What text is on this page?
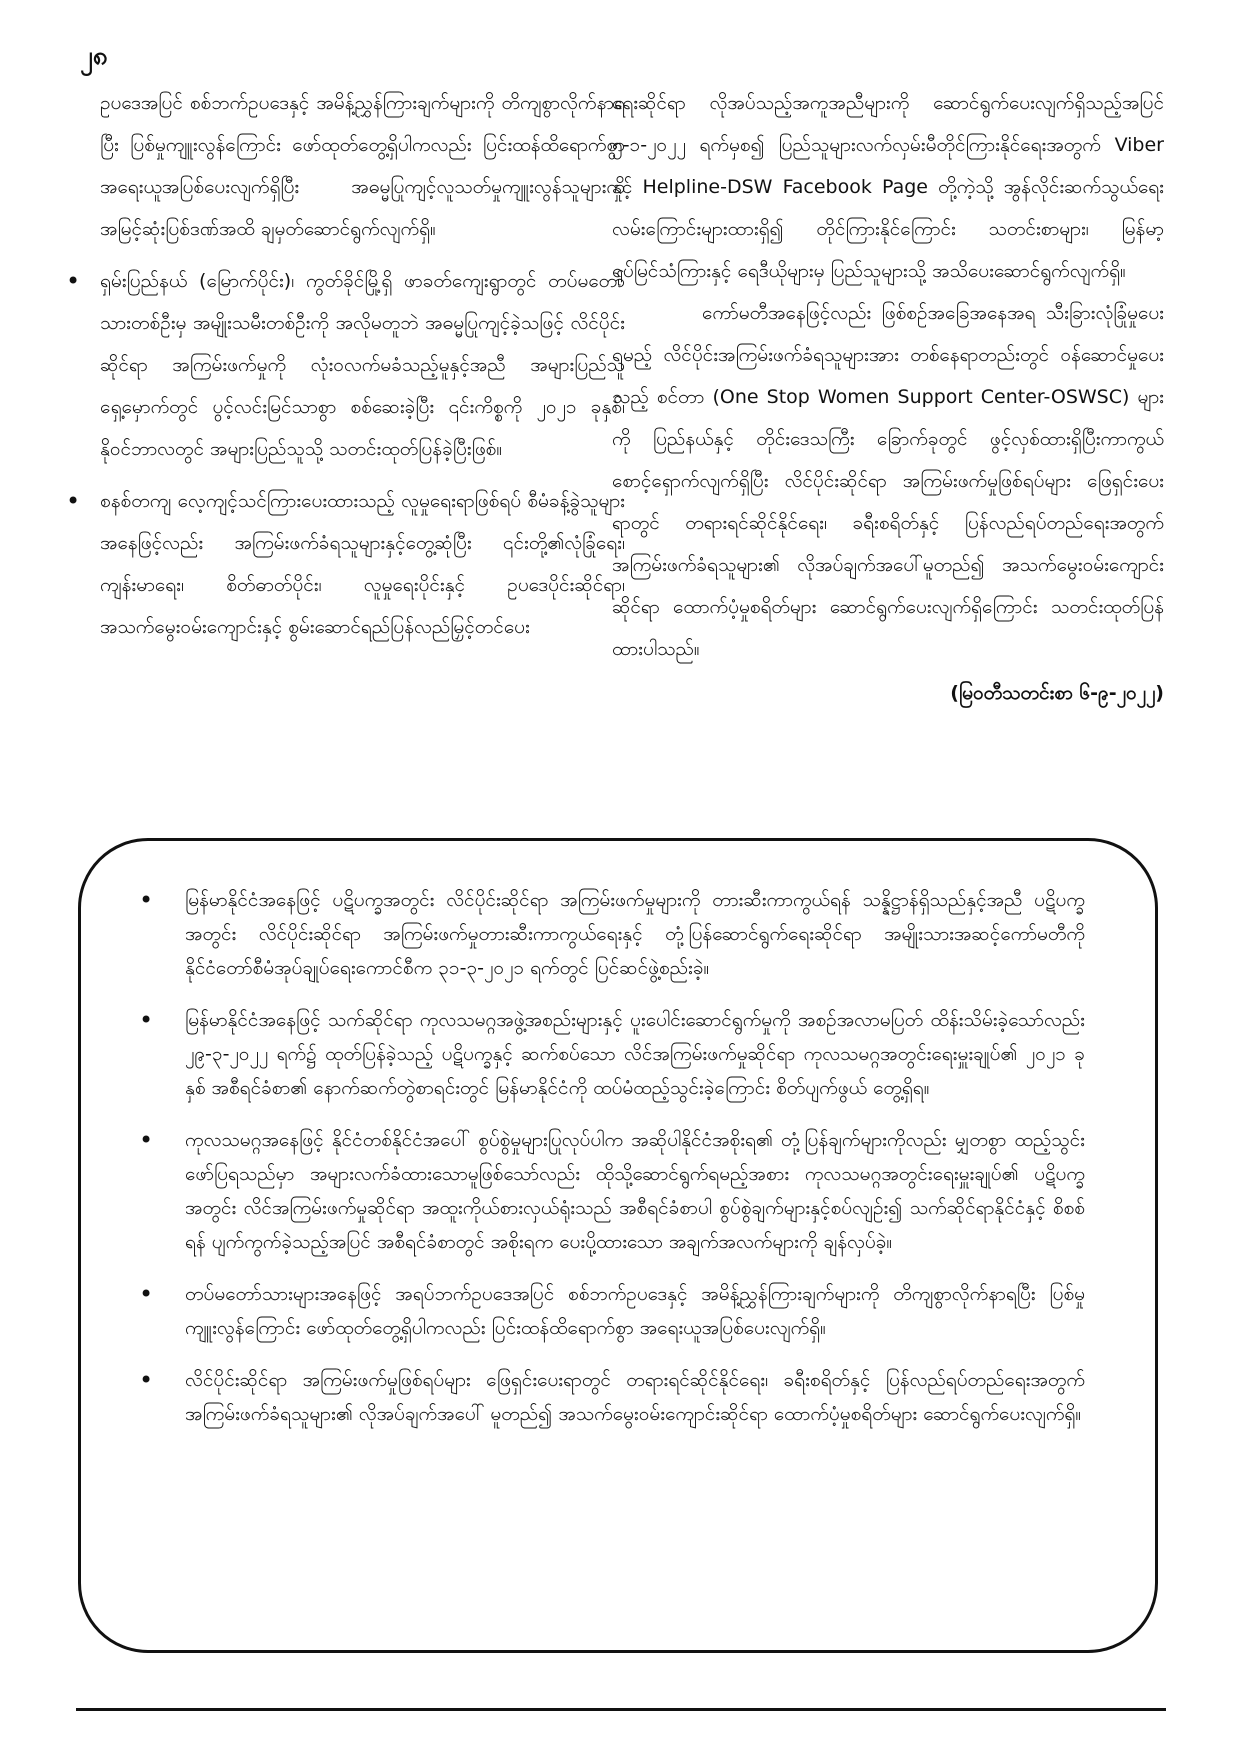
၂၈

ဥပဒေအပြင် စစ်ဘက်ဥပဒေနှင့် အမိန့်ညွှန်ကြားချက်များကို တိကျစွာလိုက်နာရပြီး ပြစ်မှုကျူးလွန်ကြောင်း ဖော်ထုတ်တွေ့ရှိပါကလည်း ပြင်းထန်ထိရောက်စွာ အရေးယူအပြစ်ပေးလျက်ရှိပြီး အဓမ္မပြုကျင့်လူသတ်မှုကျူးလွန်သူများကို အမြင့်ဆုံးပြစ်ဒဏ်အထိ ချမှတ်ဆောင်ရွက်လျက်ရှိ။

• ရှမ်းပြည်နယ် (မြောက်ပိုင်း)၊ ကွတ်ခိုင်မြို့ရှိ ဖာခတ်ကျေးရွာတွင် တပ်မတော်သားတစ်ဦးမှ အမျိုးသမီးတစ်ဦးကို အလိုမတူဘဲ အဓမ္မပြုကျင့်ခဲ့သဖြင့် လိင်ပိုင်းဆိုင်ရာ အကြမ်းဖက်မှုကို လုံးဝလက်မခံသည့်မူနှင့်အညီ အများပြည်သူရှေ့မှောက်တွင် ပွင့်လင်းမြင်သာစွာ စစ်ဆေးခဲ့ပြီး ၎င်းကိစ္စကို ၂၀၂၁ ခုနှစ်၊ နိုဝင်ဘာလတွင် အများပြည်သူသို့ သတင်းထုတ်ပြန်ခဲ့ပြီးဖြစ်။

• စနစ်တကျ လေ့ကျင့်သင်ကြားပေးထားသည့် လူမှုရေးရာဖြစ်ရပ် စီမံခန့်ခွဲသူများအနေဖြင့်လည်း အကြမ်းဖက်ခံရသူများနှင့်တွေ့ဆုံပြီး ၎င်းတို့၏လုံခြုံရေး၊ ကျန်းမာရေး၊ စိတ်ဓာတ်ပိုင်း၊ လူမှုရေးပိုင်းနှင့် ဥပဒေပိုင်းဆိုင်ရာ၊ အသက်မွေးဝမ်းကျောင်းနှင့် စွမ်းဆောင်ရည်ပြန်လည်မြှင့်တင်ပေး

ရေးဆိုင်ရာ လိုအပ်သည့်အကူအညီများကို ဆောင်ရွက်ပေးလျက်ရှိသည့်အပြင် ၅-၁-၂၀၂၂ ရက်မှစ၍ ပြည်သူများလက်လှမ်းမီတိုင်ကြားနိုင်ရေးအတွက် Viber နှင့် Helpline-DSW Facebook Page တို့ကဲ့သို့ အွန်လိုင်းဆက်သွယ်ရေးလမ်းကြောင်းများထားရှိ၍ တိုင်ကြားနိုင်ကြောင်း သတင်းစာများ၊ မြန်မာ့ရုပ်မြင်သံကြားနှင့် ရေဒီယိုများမှ ပြည်သူများသို့ အသိပေးဆောင်ရွက်လျက်ရှိ။

ကော်မတီအနေဖြင့်လည်း ဖြစ်စဉ်အခြေအနေအရ သီးခြားလုံခြုံမှုပေးရမည့် လိင်ပိုင်းအကြမ်းဖက်ခံရသူများအား တစ်နေရာတည်းတွင် ဝန်ဆောင်မှုပေးသည့် စင်တာ (One Stop Women Support Center-OSWSC) များကို ပြည်နယ်နှင့် တိုင်းဒေသကြီး ခြောက်ခုတွင် ဖွင့်လှစ်ထားရှိပြီးကာကွယ်စောင့်ရှောက်လျက်ရှိပြီး လိင်ပိုင်းဆိုင်ရာ အကြမ်းဖက်မှုဖြစ်ရပ်များ ဖြေရှင်းပေးရာတွင် တရားရင်ဆိုင်နိုင်ရေး၊ ခရီးစရိတ်နှင့် ပြန်လည်ရပ်တည်ရေးအတွက် အကြမ်းဖက်ခံရသူများ၏ လိုအပ်ချက်အပေါ်မူတည်၍ အသက်မွေးဝမ်းကျောင်းဆိုင်ရာ ထောက်ပံ့မှုစရိတ်များ ဆောင်ရွက်ပေးလျက်ရှိကြောင်း သတင်းထုတ်ပြန်ထားပါသည်။

(မြဝတီသတင်းစာ ၆-၉-၂၀၂၂)

• မြန်မာနိုင်ငံအနေဖြင့် ပဋိပက္ခအတွင်း လိင်ပိုင်းဆိုင်ရာ အကြမ်းဖက်မှုများကို တားဆီးကာကွယ်ရန် သန္နိဋ္ဌာန်ရှိသည်နှင့်အညီ ပဋိပက္ခအတွင်း လိင်ပိုင်းဆိုင်ရာ အကြမ်းဖက်မှုတားဆီးကာကွယ်ရေးနှင့် တုံ့ပြန်ဆောင်ရွက်ရေးဆိုင်ရာ အမျိုးသားအဆင့်ကော်မတီကို နိုင်ငံတော်စီမံအုပ်ချုပ်ရေးကောင်စီက ၃၁-၃-၂၀၂၁ ရက်တွင် ပြင်ဆင်ဖွဲ့စည်းခဲ့။
• မြန်မာနိုင်ငံအနေဖြင့် သက်ဆိုင်ရာ ကုလသမဂ္ဂအဖွဲ့အစည်းများနှင့် ပူးပေါင်းဆောင်ရွက်မှုကို အစဉ်အလာမပြတ် ထိန်းသိမ်းခဲ့သော်လည်း ၂၉-၃-၂၀၂၂ ရက်၌ ထုတ်ပြန်ခဲ့သည့် ပဋိပက္ခနှင့် ဆက်စပ်သော လိင်အကြမ်းဖက်မှုဆိုင်ရာ ကုလသမဂ္ဂအတွင်းရေးမှူးချုပ်၏ ၂၀၂၁ ခုနှစ် အစီရင်ခံစာ၏ နောက်ဆက်တွဲစာရင်းတွင် မြန်မာနိုင်ငံကို ထပ်မံထည့်သွင်းခဲ့ကြောင်း စိတ်ပျက်ဖွယ် တွေ့ရှိရ။
• ကုလသမဂ္ဂအနေဖြင့် နိုင်ငံတစ်နိုင်ငံအပေါ် စွပ်စွဲမှုများပြုလုပ်ပါက အဆိုပါနိုင်ငံအစိုးရ၏ တုံ့ပြန်ချက်များကိုလည်း မျှတစွာ ထည့်သွင်းဖော်ပြရသည်မှာ အများလက်ခံထားသောမူဖြစ်သော်လည်း ထိုသို့ဆောင်ရွက်ရမည့်အစား ကုလသမဂ္ဂအတွင်းရေးမှူးချုပ်၏ ပဋိပက္ခအတွင်း လိင်အကြမ်းဖက်မှုဆိုင်ရာ အထူးကိုယ်စားလှယ်ရုံးသည် အစီရင်ခံစာပါ စွပ်စွဲချက်များနှင့်စပ်လျဉ်း၍ သက်ဆိုင်ရာနိုင်ငံနှင့် စိစစ်ရန် ပျက်ကွက်ခဲ့သည့်အပြင် အစီရင်ခံစာတွင် အစိုးရက ပေးပို့ထားသော အချက်အလက်များကို ချန်လှပ်ခဲ့။
• တပ်မတော်သားများအနေဖြင့် အရပ်ဘက်ဥပဒေအပြင် စစ်ဘက်ဥပဒေနှင့် အမိန့်ညွှန်ကြားချက်များကို တိကျစွာလိုက်နာရပြီး ပြစ်မှုကျူးလွန်ကြောင်း ဖော်ထုတ်တွေ့ရှိပါကလည်း ပြင်းထန်ထိရောက်စွာ အရေးယူအပြစ်ပေးလျက်ရှိ။
• လိင်ပိုင်းဆိုင်ရာ အကြမ်းဖက်မှုဖြစ်ရပ်များ ဖြေရှင်းပေးရာတွင် တရားရင်ဆိုင်နိုင်ရေး၊ ခရီးစရိတ်နှင့် ပြန်လည်ရပ်တည်ရေးအတွက် အကြမ်းဖက်ခံရသူများ၏ လိုအပ်ချက်အပေါ် မူတည်၍ အသက်မွေးဝမ်းကျောင်းဆိုင်ရာ ထောက်ပံ့မှုစရိတ်များ ဆောင်ရွက်ပေးလျက်ရှိ။
